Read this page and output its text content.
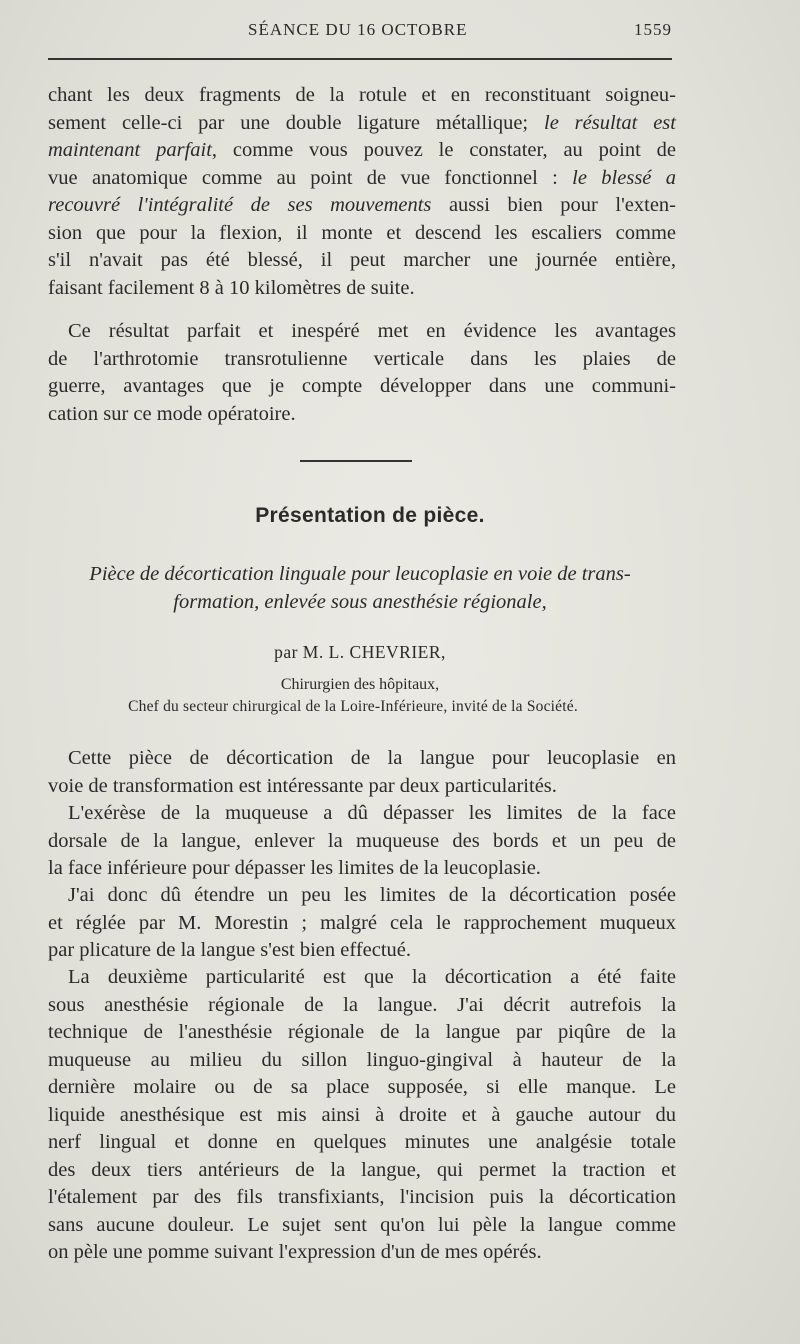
SÉANCE DU 16 OCTOBRE	1559
chant les deux fragments de la rotule et en reconstituant soigneu-
sement celle-ci par une double ligature métallique; le résultat est
maintenant parfait, comme vous pouvez le constater, au point de
vue anatomique comme au point de vue fonctionnel : le blessé a
recouvré l'intégralité de ses mouvements aussi bien pour l'exten-
sion que pour la flexion, il monte et descend les escaliers comme
s'il n'avait pas été blessé, il peut marcher une journée entière,
faisant facilement 8 à 10 kilomètres de suite.
Ce résultat parfait et inespéré met en évidence les avantages
de l'arthrotomie transrotulienne verticale dans les plaies de
guerre, avantages que je compte développer dans une communi-
cation sur ce mode opératoire.
Présentation de pièce.
Pièce de décortication linguale pour leucoplasie en voie de trans-
formation, enlevée sous anesthésie régionale,
par M. L. CHEVRIER,
Chirurgien des hôpitaux,
Chef du secteur chirurgical de la Loire-Inférieure, invité de la Société.
Cette pièce de décortication de la langue pour leucoplasie en
voie de transformation est intéressante par deux particularités.
L'exérèse de la muqueuse a dû dépasser les limites de la face
dorsale de la langue, enlever la muqueuse des bords et un peu de
la face inférieure pour dépasser les limites de la leucoplasie.
J'ai donc dû étendre un peu les limites de la décortication posée
et réglée par M. Morestin ; malgré cela le rapprochement muqueux
par plicature de la langue s'est bien effectué.
La deuxième particularité est que la décortication a été faite
sous anesthésie régionale de la langue. J'ai décrit autrefois la
technique de l'anesthésie régionale de la langue par piqûre de la
muqueuse au milieu du sillon linguo-gingival à hauteur de la
dernière molaire ou de sa place supposée, si elle manque. Le
liquide anesthésique est mis ainsi à droite et à gauche autour du
nerf lingual et donne en quelques minutes une analgésie totale
des deux tiers antérieurs de la langue, qui permet la traction et
l'étalement par des fils transfixiants, l'incision puis la décortication
sans aucune douleur. Le sujet sent qu'on lui pèle la langue comme
on pèle une pomme suivant l'expression d'un de mes opérés.
